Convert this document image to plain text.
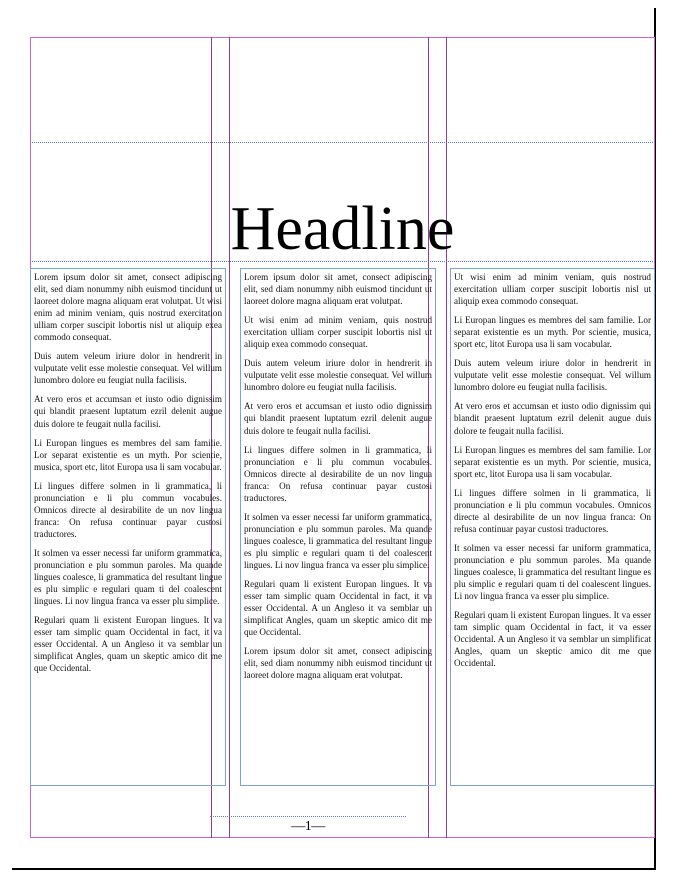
Headline

Lorem ipsum dolor sit amet, consect adipiscing elit, sed diam nonummy nibh euismod tincidunt ut laoreet dolore magna aliquam erat volutpat. Ut wisi enim ad minim veniam, quis nostrud exercitation ulliam corper suscipit lobortis nisl ut aliquip exea commodo consequat.

Duis autem veleum iriure dolor in hendrerit in vulputate velit esse molestie consequat. Vel willum lunombro dolore eu feugiat nulla facilisis.

At vero eros et accumsan et iusto odio dignissim qui blandit praesent luptatum ezril delenit augue duis dolore te feugait nulla facilisi.

Li Europan lingues es membres del sam familie. Lor separat existentie es un myth. Por scientie, musica, sport etc, litot Europa usa li sam vocabular.

Li lingues differe solmen in li grammatica, li pronunciation e li plu commun vocabules. Omnicos directe al desirabilite de un nov lingua franca: On refusa continuar payar custosi traductores.

It solmen va esser necessi far uniform grammatica, pronunciation e plu sommun paroles. Ma quande lingues coalesce, li grammatica del resultant lingue es plu simplic e regulari quam ti del coalescent lingues. Li nov lingua franca va esser plu simplice.

Regulari quam li existent Europan lingues. It va esser tam simplic quam Occidental in fact, it va esser Occidental. A un Angleso it va semblar un simplificat Angles, quam un skeptic amico dit me que Occidental.

Lorem ipsum dolor sit amet, consect adipiscing elit, sed diam nonummy nibh euismod tincidunt ut laoreet dolore magna aliquam erat volutpat.

Ut wisi enim ad minim veniam, quis nostrud exercitation ulliam corper suscipit lobortis nisl ut aliquip exea commodo consequat.

Duis autem veleum iriure dolor in hendrerit in vulputate velit esse molestie consequat. Vel willum lunombro dolore eu feugiat nulla facilisis.

At vero eros et accumsan et iusto odio dignissim qui blandit praesent luptatum ezril delenit augue duis dolore te feugait nulla facilisi.

Li lingues differe solmen in li grammatica, li pronunciation e li plu commun vocabules. Omnicos directe al desirabilite de un nov lingua franca: On refusa continuar payar custosi traductores.

It solmen va esser necessi far uniform grammatica, pronunciation e plu sommun paroles. Ma quande lingues coalesce, li grammatica del resultant lingue es plu simplic e regulari quam ti del coalescent lingues. Li nov lingua franca va esser plu simplice.

Regulari quam li existent Europan lingues. It va esser tam simplic quam Occidental in fact, it va esser Occidental. A un Angleso it va semblar un simplificat Angles, quam un skeptic amico dit me que Occidental.

Lorem ipsum dolor sit amet, consect adipiscing elit, sed diam nonummy nibh euismod tincidunt ut laoreet dolore magna aliquam erat volutpat.

Ut wisi enim ad minim veniam, quis nostrud exercitation ulliam corper suscipit lobortis nisl ut aliquip exea commodo consequat.

Li Europan lingues es membres del sam familie. Lor separat existentie es un myth. Por scientie, musica, sport etc, litot Europa usa li sam vocabular.

Duis autem veleum iriure dolor in hendrerit in vulputate velit esse molestie consequat. Vel willum lunombro dolore eu feugiat nulla facilisis.

At vero eros et accumsan et iusto odio dignissim qui blandit praesent luptatum ezril delenit augue duis dolore te feugait nulla facilisi.

Li Europan lingues es membres del sam familie. Lor separat existentie es un myth. Por scientie, musica, sport etc, litot Europa usa li sam vocabular.

Li lingues differe solmen in li grammatica, li pronunciation e li plu commun vocabules. Omnicos directe al desirabilite de un nov lingua franca: On refusa continuar payar custosi traductores.

It solmen va esser necessi far uniform grammatica, pronunciation e plu sommun paroles. Ma quande lingues coalesce, li grammatica del resultant lingue es plu simplic e regulari quam ti del coalescent lingues. Li nov lingua franca va esser plu simplice.

Regulari quam li existent Europan lingues. It va esser tam simplic quam Occidental in fact, it va esser Occidental. A un Angleso it va semblar un simplificat Angles, quam un skeptic amico dit me que Occidental.

—1—
